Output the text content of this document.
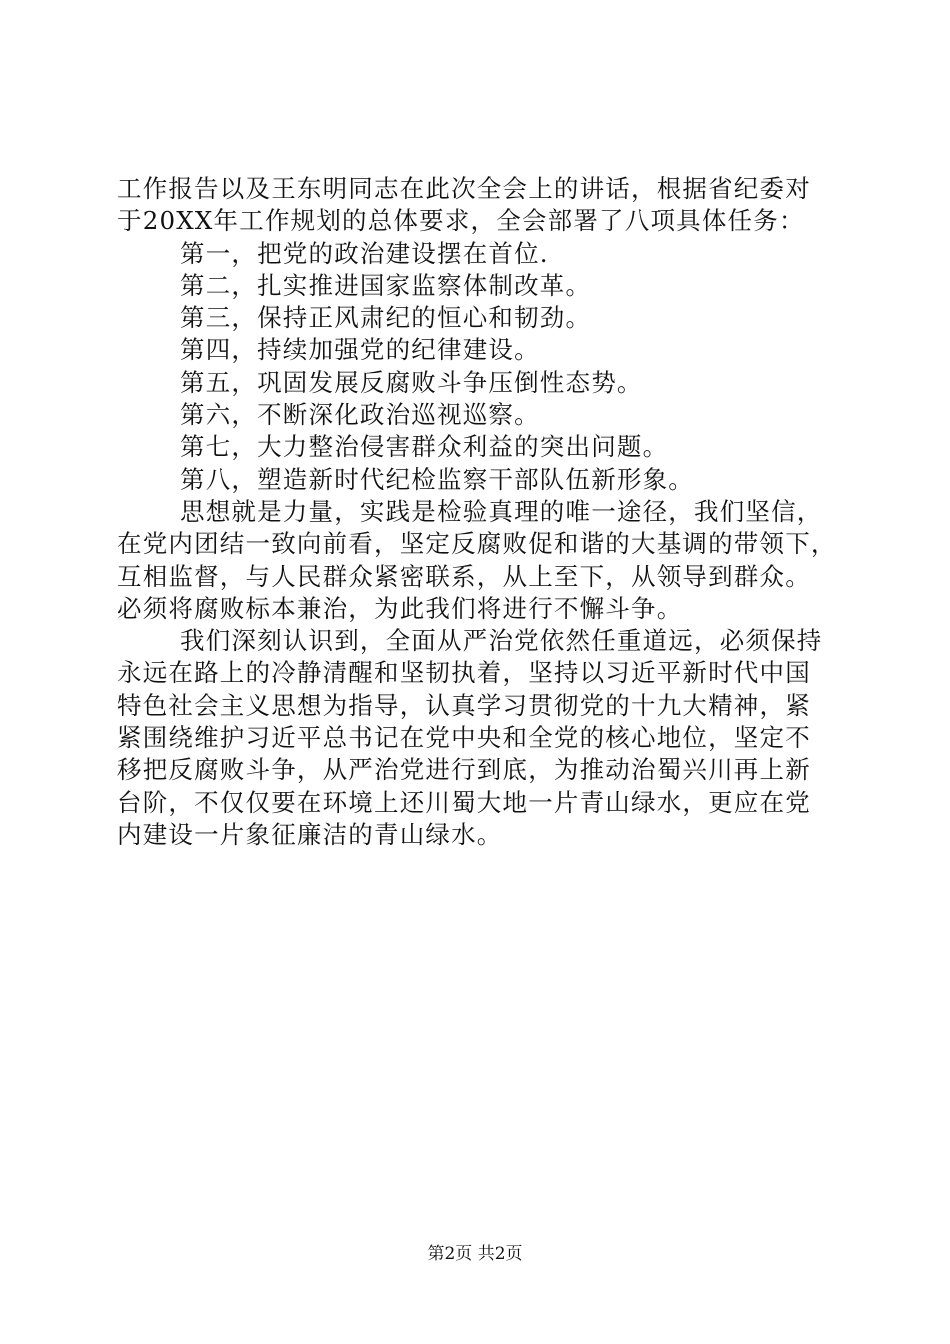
工作报告以及王东明同志在此次全会上的讲话，根据省纪委对
于20XX年工作规划的总体要求，全会部署了八项具体任务：
第一，把党的政治建设摆在首位.
第二，扎实推进国家监察体制改革。
第三，保持正风肃纪的恒心和韧劲。
第四，持续加强党的纪律建设。
第五，巩固发展反腐败斗争压倒性态势。
第六，不断深化政治巡视巡察。
第七，大力整治侵害群众利益的突出问题。
第八，塑造新时代纪检监察干部队伍新形象。
思想就是力量，实践是检验真理的唯一途径，我们坚信，
在党内团结一致向前看，坚定反腐败促和谐的大基调的带领下，
互相监督，与人民群众紧密联系，从上至下，从领导到群众。
必须将腐败标本兼治，为此我们将进行不懈斗争。
我们深刻认识到，全面从严治党依然任重道远，必须保持
永远在路上的冷静清醒和坚韧执着，坚持以习近平新时代中国
特色社会主义思想为指导，认真学习贯彻党的十九大精神，紧
紧围绕维护习近平总书记在党中央和全党的核心地位，坚定不
移把反腐败斗争，从严治党进行到底，为推动治蜀兴川再上新
台阶，不仅仅要在环境上还川蜀大地一片青山绿水，更应在党
内建设一片象征廉洁的青山绿水。
第2页 共2页
